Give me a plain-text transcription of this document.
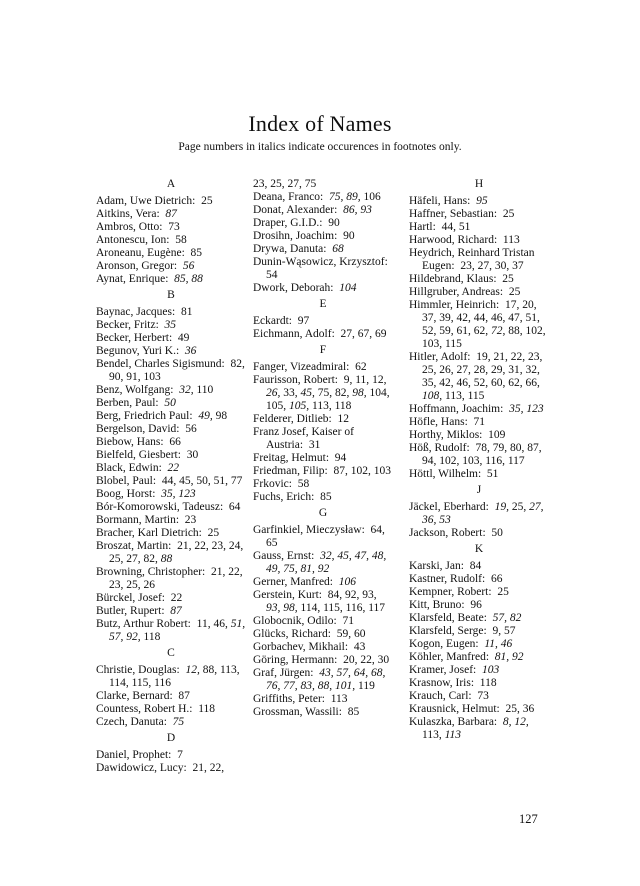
Index of Names
Page numbers in italics indicate occurences in footnotes only.
A
Adam, Uwe Dietrich: 25
Aitkins, Vera: 87
Ambros, Otto: 73
Antonescu, Ion: 58
Aroneanu, Eugène: 85
Aronson, Gregor: 56
Aynat, Enrique: 85, 88
B
Baynac, Jacques: 81
Becker, Fritz: 35
Becker, Herbert: 49
Begunov, Yuri K.: 36
Bendel, Charles Sigismund: 82, 90, 91, 103
Benz, Wolfgang: 32, 110
Berben, Paul: 50
Berg, Friedrich Paul: 49, 98
Bergelson, David: 56
Biebow, Hans: 66
Bielfeld, Giesbert: 30
Black, Edwin: 22
Blobel, Paul: 44, 45, 50, 51, 77
Boog, Horst: 35, 123
Bór-Komorowski, Tadeusz: 64
Bormann, Martin: 23
Bracher, Karl Dietrich: 25
Broszat, Martin: 21, 22, 23, 24, 25, 27, 82, 88
Browning, Christopher: 21, 22, 23, 25, 26
Bürckel, Josef: 22
Butler, Rupert: 87
Butz, Arthur Robert: 11, 46, 51, 57, 92, 118
C
Christie, Douglas: 12, 88, 113, 114, 115, 116
Clarke, Bernard: 87
Countess, Robert H.: 118
Czech, Danuta: 75
D
Daniel, Prophet: 7
Dawidowicz, Lucy: 21, 22,
23, 25, 27, 75
Deana, Franco: 75, 89, 106
Donat, Alexander: 86, 93
Draper, G.I.D.: 90
Drosihn, Joachim: 90
Drywa, Danuta: 68
Dunin-Wąsowicz, Krzysztof:  54
Dwork, Deborah: 104
E
Eckardt: 97
Eichmann, Adolf: 27, 67, 69
F
Fanger, Vizeadmiral: 62
Faurisson, Robert: 9, 11, 12, 26, 33, 45, 75, 82, 98, 104, 105, 105, 113, 118
Felderer, Ditlieb: 12
Franz Josef, Kaiser of Austria: 31
Freitag, Helmut: 94
Friedman, Filip: 87, 102, 103
Frkovic: 58
Fuchs, Erich: 85
G
Garfinkiel, Mieczysław: 64, 65
Gauss, Ernst: 32, 45, 47, 48, 49, 75, 81, 92
Gerner, Manfred: 106
Gerstein, Kurt: 84, 92, 93, 93, 98, 114, 115, 116, 117
Globocnik, Odilo: 71
Glücks, Richard: 59, 60
Gorbachev, Mikhail: 43
Göring, Hermann: 20, 22, 30
Graf, Jürgen: 43, 57, 64, 68, 76, 77, 83, 88, 101, 119
Griffiths, Peter: 113
Grossman, Wassili: 85
H
Häfeli, Hans: 95
Haffner, Sebastian: 25
Hartl: 44, 51
Harwood, Richard: 113
Heydrich, Reinhard Tristan Eugen: 23, 27, 30, 37
Hildebrand, Klaus: 25
Hillgruber, Andreas: 25
Himmler, Heinrich: 17, 20, 37, 39, 42, 44, 46, 47, 51, 52, 59, 61, 62, 72, 88, 102, 103, 115
Hitler, Adolf: 19, 21, 22, 23, 25, 26, 27, 28, 29, 31, 32, 35, 42, 46, 52, 60, 62, 66, 108, 113, 115
Hoffmann, Joachim: 35, 123
Höfle, Hans: 71
Horthy, Miklos: 109
Höß, Rudolf: 78, 79, 80, 87, 94, 102, 103, 116, 117
Höttl, Wilhelm: 51
J
Jäckel, Eberhard: 19, 25, 27, 36, 53
Jackson, Robert: 50
K
Karski, Jan: 84
Kastner, Rudolf: 66
Kempner, Robert: 25
Kitt, Bruno: 96
Klarsfeld, Beate: 57, 82
Klarsfeld, Serge: 9, 57
Kogon, Eugen: 11, 46
Köhler, Manfred: 81, 92
Kramer, Josef: 103
Krasnow, Iris: 118
Krauch, Carl: 73
Krausnick, Helmut: 25, 36
Kulaszka, Barbara: 8, 12, 113, 113
127
